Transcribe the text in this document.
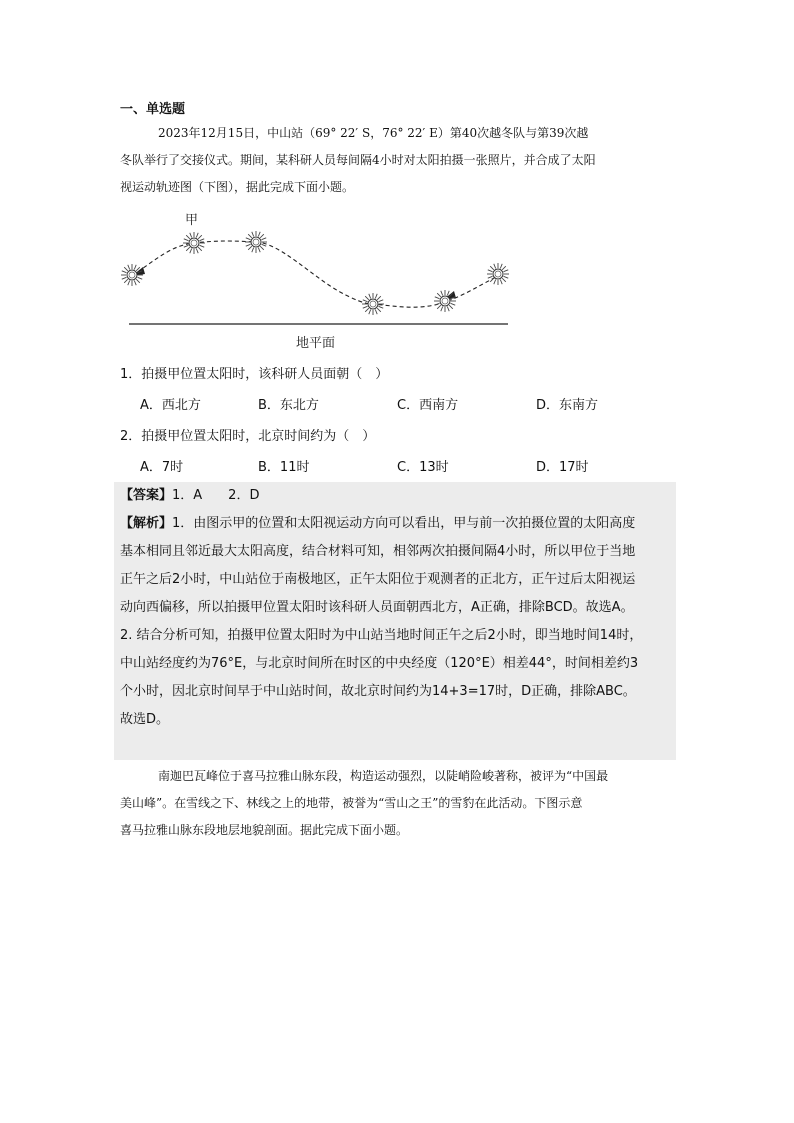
一、单选题
2023年12月15日，中山站（69° 22′ S，76° 22′ E）第40次越冬队与第39次越
冬队举行了交接仪式。期间，某科研人员每间隔4小时对太阳拍摄一张照片，并合成了太阳
视运动轨迹图（下图），据此完成下面小题。
甲
地平面
1．拍摄甲位置太阳时，该科研人员面朝（　）
A．西北方	B．东北方	C．西南方	D．东南方
2．拍摄甲位置太阳时，北京时间约为（　）
A．7时	B．11时	C．13时	D．17时
【答案】1．A　　2．D
【解析】1．由图示甲的位置和太阳视运动方向可以看出，甲与前一次拍摄位置的太阳高度
基本相同且邻近最大太阳高度，结合材料可知，相邻两次拍摄间隔4小时，所以甲位于当地
正午之后2小时，中山站位于南极地区，正午太阳位于观测者的正北方，正午过后太阳视运
动向西偏移，所以拍摄甲位置太阳时该科研人员面朝西北方，A正确，排除BCD。故选A。
2. 结合分析可知，拍摄甲位置太阳时为中山站当地时间正午之后2小时，即当地时间14时，
中山站经度约为76°E，与北京时间所在时区的中央经度（120°E）相差44°，时间相差约3
个小时，因北京时间早于中山站时间，故北京时间约为14+3=17时，D正确，排除ABC。
故选D。
南迦巴瓦峰位于喜马拉雅山脉东段，构造运动强烈，以陡峭险峻著称，被评为“中国最
美山峰”。在雪线之下、林线之上的地带，被誉为“雪山之王”的雪豹在此活动。下图示意
喜马拉雅山脉东段地层地貌剖面。据此完成下面小题。
